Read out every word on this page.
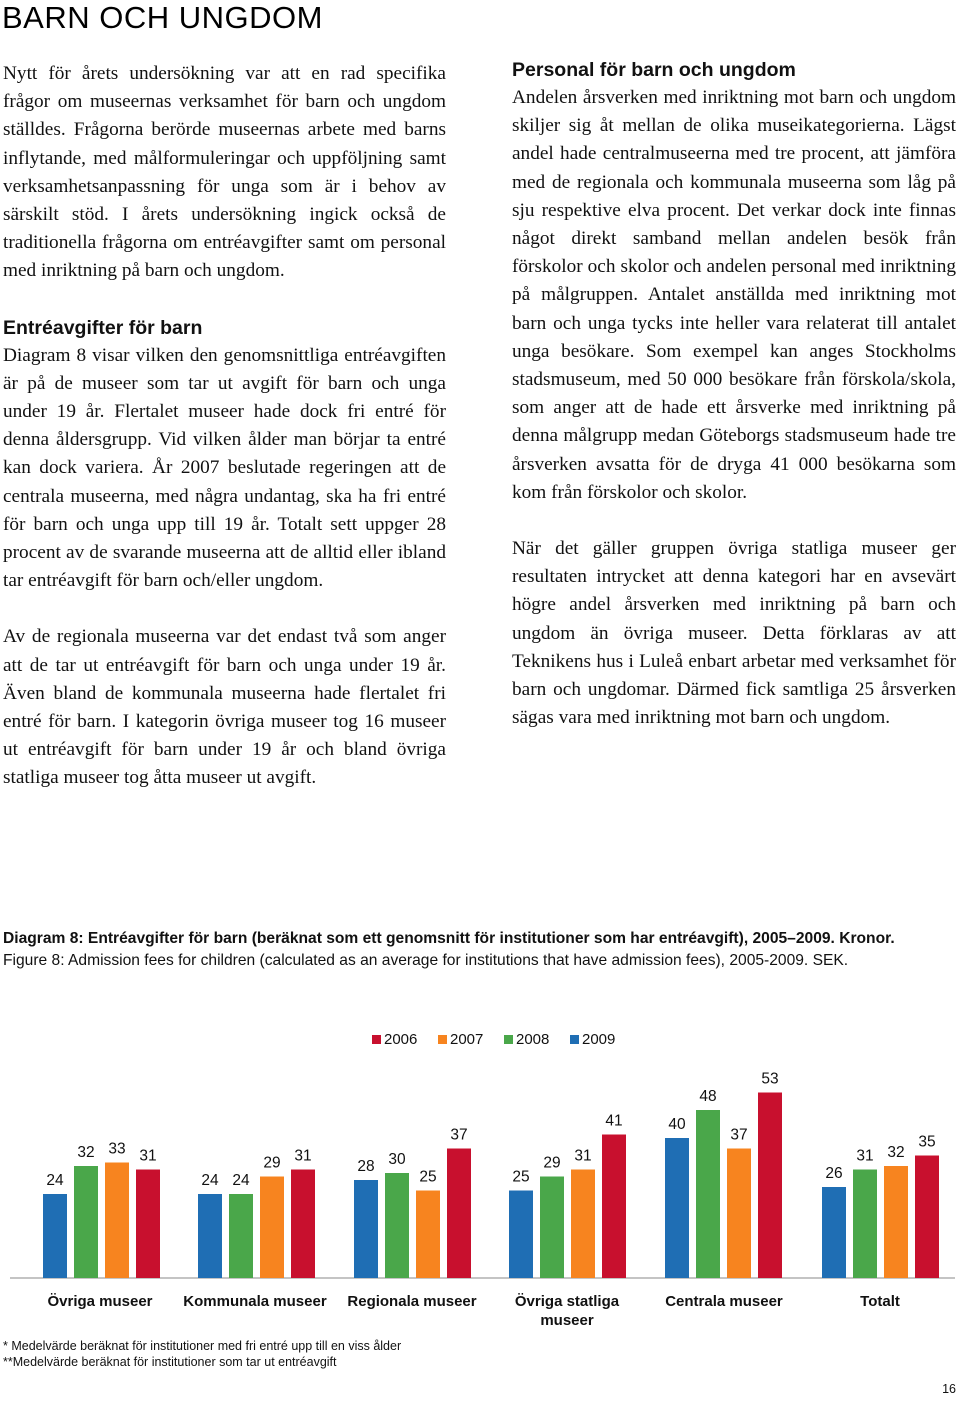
BARN OCH UNGDOM

Nytt för årets undersökning var att en rad specifika frågor om museernas verksamhet för barn och ungdom ställdes. Frågorna berörde museernas arbete med barns inflytande, med målformuleringar och uppföljning samt verksamhetsanpassning för unga som är i behov av särskilt stöd. I årets undersökning ingick också de traditionella frågorna om entréavgifter samt om personal med inriktning på barn och ungdom.

Entréavgifter för barn

Diagram 8 visar vilken den genomsnittliga entréavgiften är på de museer som tar ut avgift för barn och unga under 19 år. Flertalet museer hade dock fri entré för denna åldersgrupp. Vid vilken ålder man börjar ta entré kan dock variera. År 2007 beslutade regeringen att de centrala museerna, med några undantag, ska ha fri entré för barn och unga upp till 19 år. Totalt sett uppger 28 procent av de svarande museerna att de alltid eller ibland tar entréavgift för barn och/eller ungdom.

Av de regionala museerna var det endast två som anger att de tar ut entréavgift för barn och unga under 19 år. Även bland de kommunala museerna hade flertalet fri entré för barn. I kategorin övriga museer tog 16 museer ut entréavgift för barn under 19 år och bland övriga statliga museer tog åtta museer ut avgift.

Personal för barn och ungdom

Andelen årsverken med inriktning mot barn och ungdom skiljer sig åt mellan de olika museikategorierna. Lägst andel hade centralmuseerna med tre procent, att jämföra med de regionala och kommunala museerna som låg på sju respektive elva procent. Det verkar dock inte finnas något direkt samband mellan andelen besök från förskolor och skolor och andelen personal med inriktning på målgruppen. Antalet anställda med inriktning mot barn och unga tycks inte heller vara relaterat till antalet unga besökare. Som exempel kan anges Stockholms stadsmuseum, med 50 000 besökare från förskola/skola, som anger att de hade ett årsverke med inriktning på denna målgrupp medan Göteborgs stadsmuseum hade tre årsverken avsatta för de dryga 41 000 besökarna som kom från förskolor och skolor.

När det gäller gruppen övriga statliga museer ger resultaten intrycket att denna kategori har en avsevärt högre andel årsverken med inriktning på barn och ungdom än övriga museer. Detta förklaras av att Teknikens hus i Luleå enbart arbetar med verksamhet för barn och ungdomar. Därmed fick samtliga 25 årsverken sägas vara med inriktning mot barn och ungdom.

Diagram 8: Entréavgifter för barn (beräknat som ett genomsnitt för institutioner som har entréavgift), 2005–2009. Kronor.
Figure 8: Admission fees for children (calculated as an average for institutions that have admission fees), 2005-2009. SEK.
2006 2007 2008 2009
24
32 33 31
Övriga museer
24 24
29 31
Kommunala museer
28 30
25
37
Regionala museer
25
29 31
41
Övriga statliga
museer
40
48
37
53
Centrala museer
26
31 32
35
Totalt
* Medelvärde beräknat för institutioner med fri entré upp till en viss ålder
**Medelvärde beräknat för institutioner som tar ut entréavgift
16
